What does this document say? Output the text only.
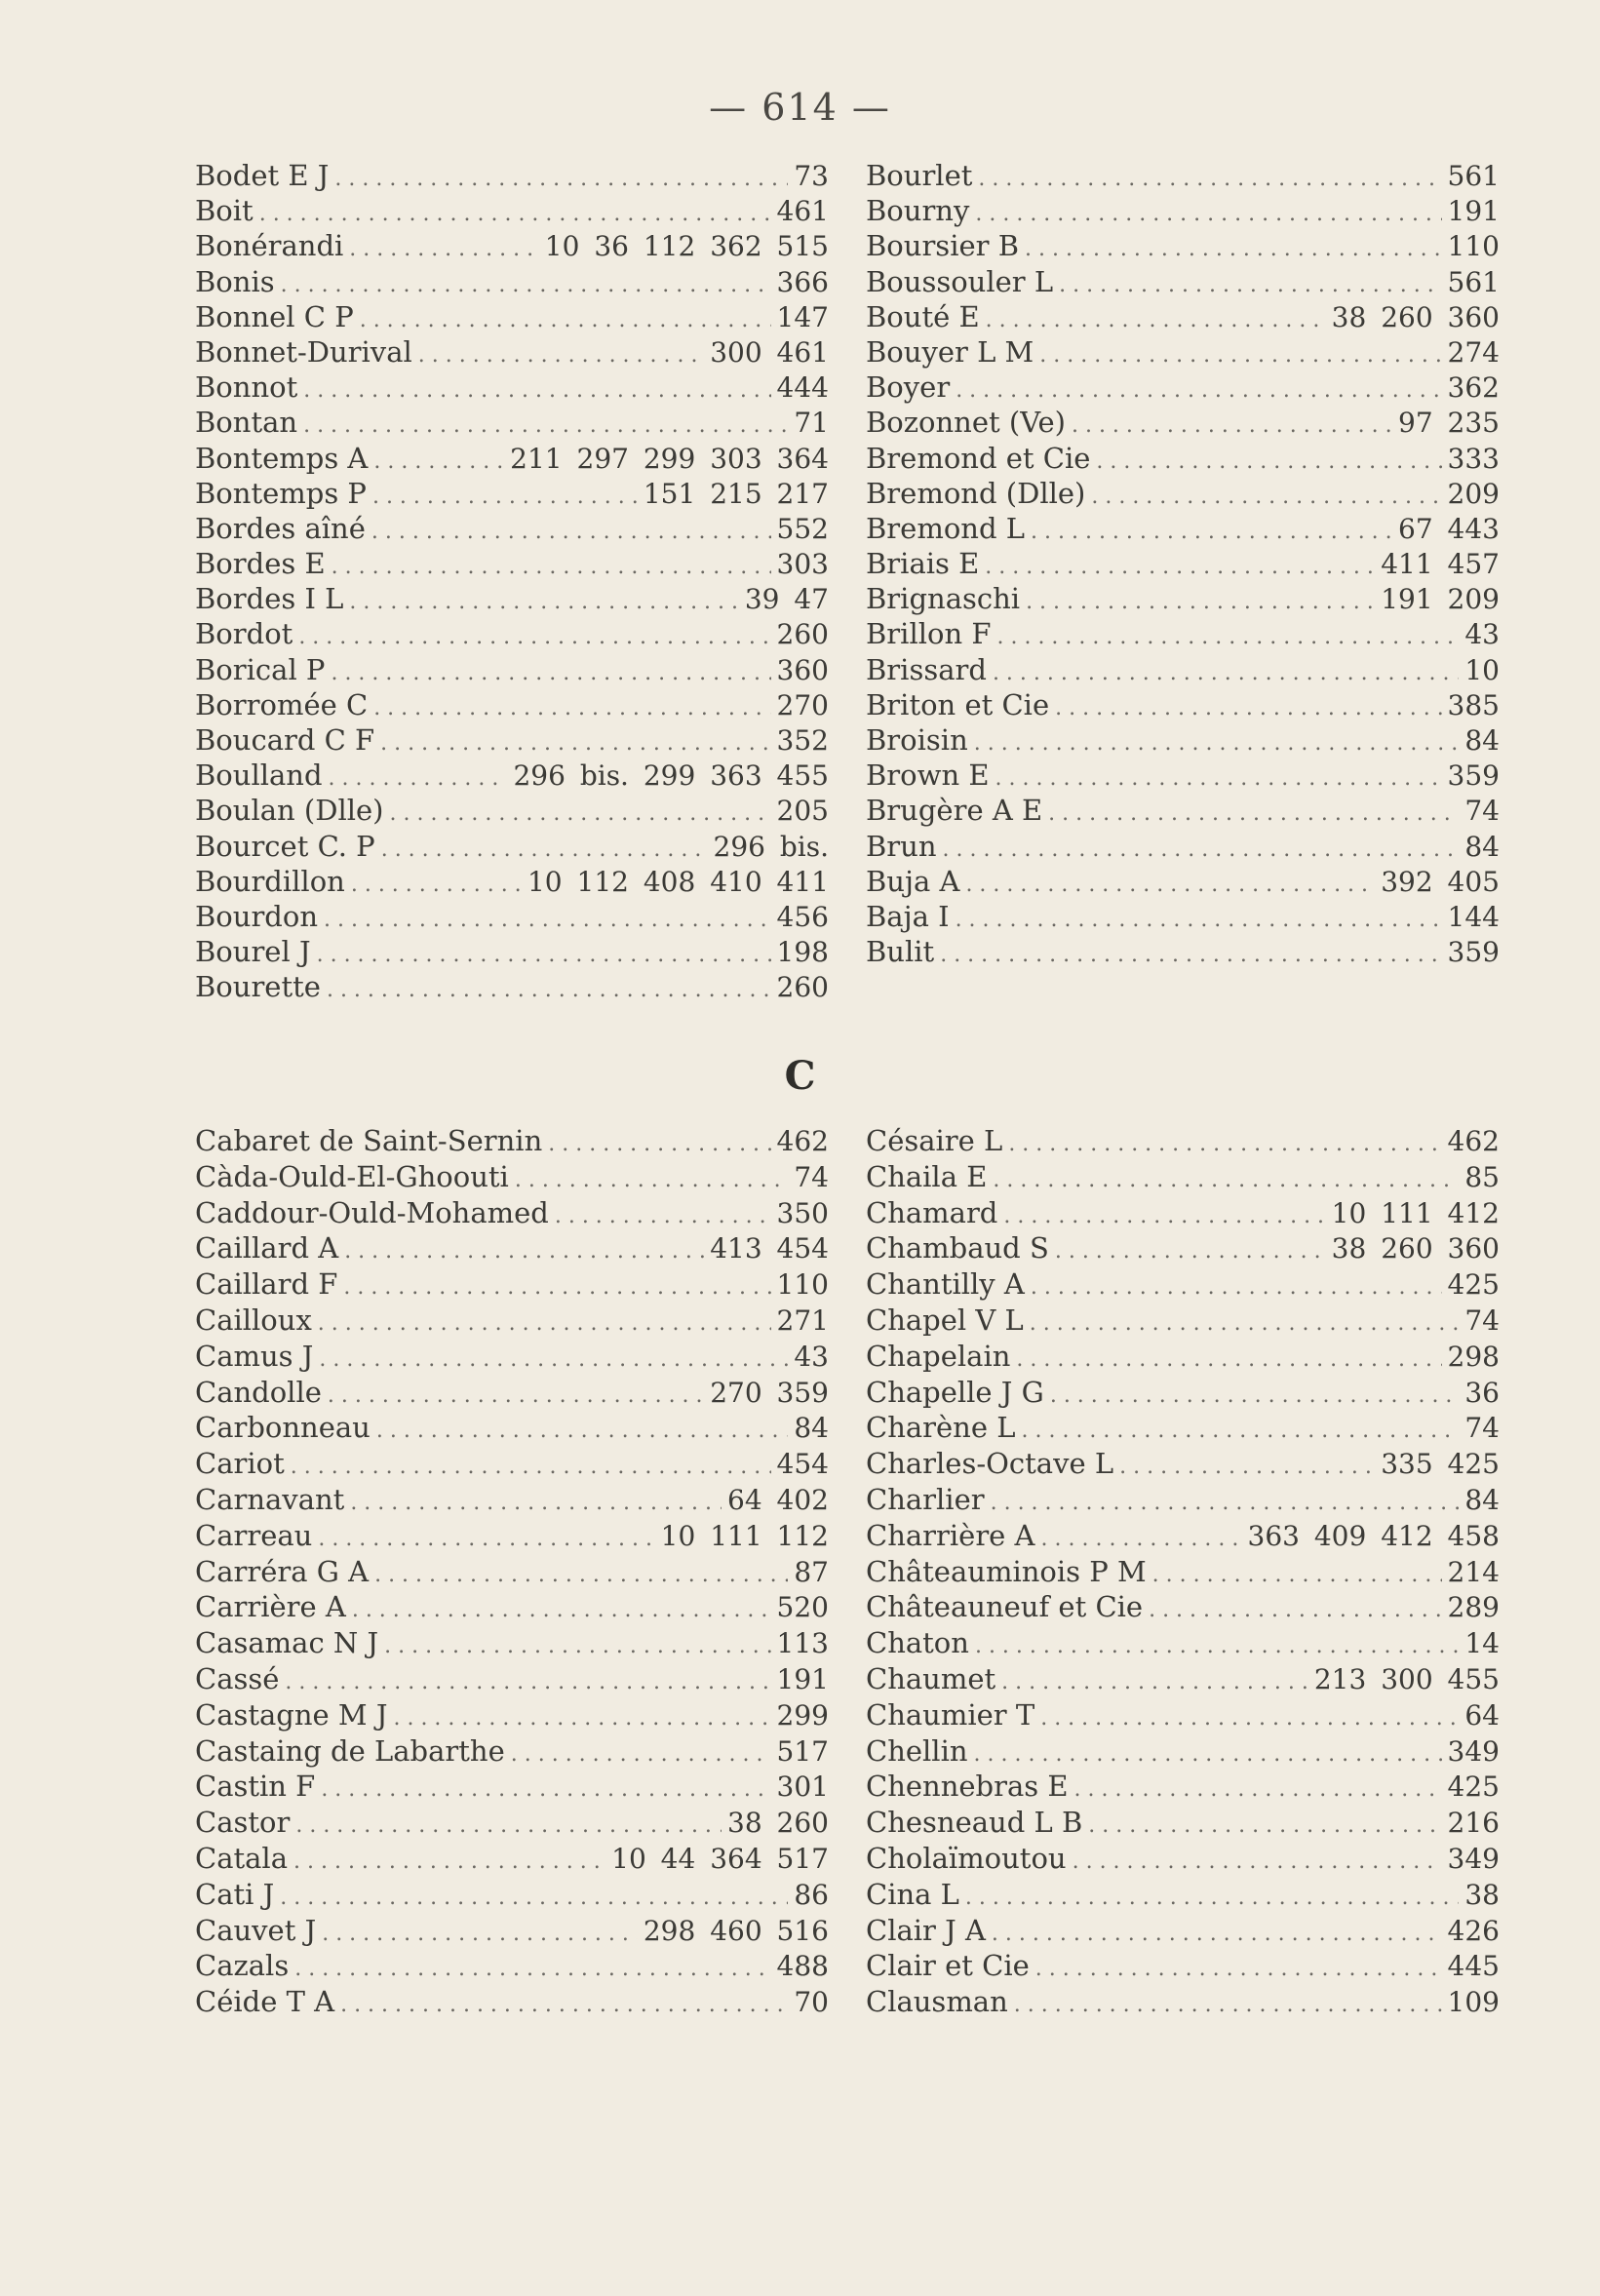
— 614 —
Bodet E J . . .	73
Boit . . .	461
Bonérandi . . .	10 36 112 362 515
Bonis . . .	366
Bonnel C P . . .	147
Bonnet-Durival . . .	300 461
Bonnot . . .	444
Bontan . . .	71
Bontemps A . . .	211 297 299 303 364
Bontemps P . . .	151 215 217
Bordes aîné . . .	552
Bordes E . . .	303
Bordes I L . . .	39 47
Bordot . . .	260
Borical P . . .	360
Borromée C . . .	270
Boucard C F . . .	352
Boulland . . .	296 bis. 299 363 455
Boulan (Dlle) . . .	205
Bourcet C. P . . .	296 bis.
Bourdillon . . .	10 112 408 410 411
Bourdon . . .	456
Bourel J . . .	198
Bourette . . .	260
Bourlet . . .	561
Bourny . . .	191
Boursier B . . .	110
Boussouler L . . .	561
Bouté E . . .	38 260 360
Bouyer L M . . .	274
Boyer . . .	362
Bozonnet (Ve) . . .	97 235
Bremond et Cie . . .	333
Bremond (Dlle) . . .	209
Bremond L . . .	67 443
Briais E . . .	411 457
Brignaschi . . .	191 209
Brillon F . . .	43
Brissard . . .	10
Briton et Cie . . .	385
Broisin . . .	84
Brown E . . .	359
Brugère A E . . .	74
Brun . . .	84
Buja A . . .	392 405
Baja I . . .	144
Bulit . . .	359
C
Cabaret de Saint-Sernin . . .	462
Càda-Ould-El-Ghoouti . . .	74
Caddour-Ould-Mohamed . . .	350
Caillard A . . .	413 454
Caillard F . . .	110
Cailloux . . .	271
Camus J . . .	43
Candolle . . .	270 359
Carbonneau . . .	84
Cariot . . .	454
Carnavant . . .	64 402
Carreau . . .	10 111 112
Carréra G A . . .	87
Carrière A . . .	520
Casamac N J . . .	113
Cassé . . .	191
Castagne M J . . .	299
Castaing de Labarthe . . .	517
Castin F . . .	301
Castor . . .	38 260
Catala . . .	10 44 364 517
Cati J . . .	86
Cauvet J . . .	298 460 516
Cazals . . .	488
Céide T A . . .	70
Césaire L . . .	462
Chaila E . . .	85
Chamard . . .	10 111 412
Chambaud S . . .	38 260 360
Chantilly A . . .	425
Chapel V L . . .	74
Chapelain . . .	298
Chapelle J G . . .	36
Charène L . . .	74
Charles-Octave L . . .	335 425
Charlier . . .	84
Charrière A . . .	363 409 412 458
Châteauminois P M . . .	214
Châteauneuf et Cie . . .	289
Chaton . . .	14
Chaumet . . .	213 300 455
Chaumier T . . .	64
Chellin . . .	349
Chennebras E . . .	425
Chesneaud L B . . .	216
Cholaïmoutou . . .	349
Cina L . . .	38
Clair J A . . .	426
Clair et Cie . . .	445
Clausman . . .	109
